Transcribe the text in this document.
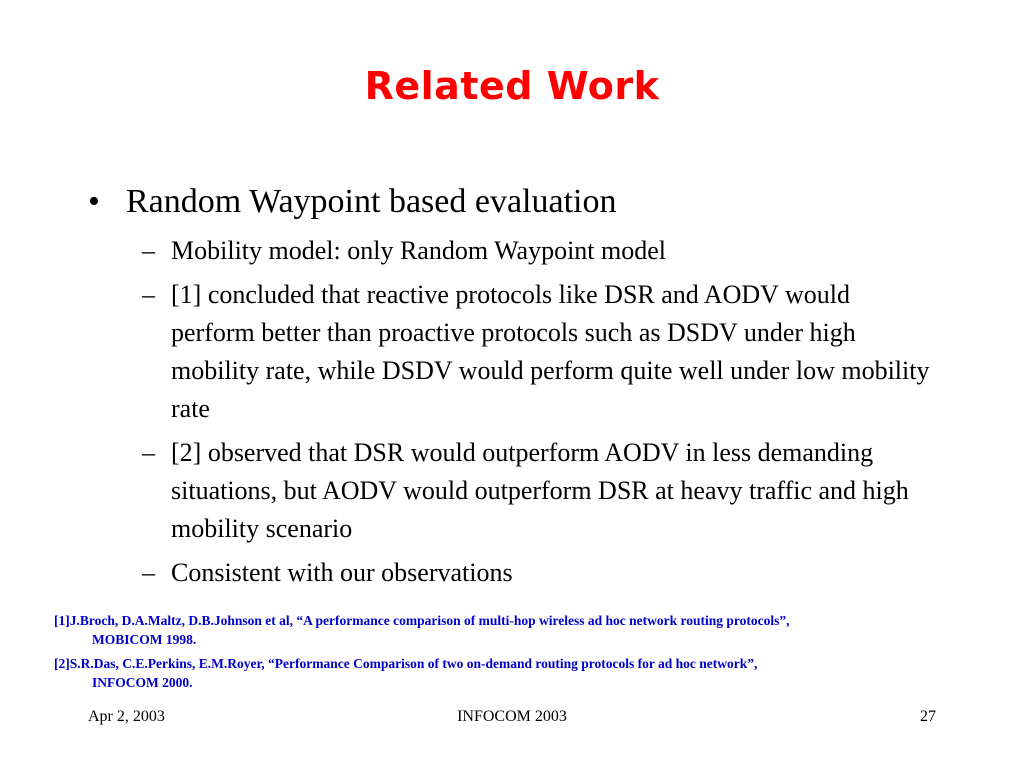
Related Work
• Random Waypoint based evaluation
– Mobility model: only Random Waypoint model
– [1] concluded that reactive protocols like DSR and AODV would perform better than proactive protocols such as DSDV under high mobility rate, while DSDV would perform quite well under low mobility rate
– [2] observed that DSR would outperform AODV in less demanding situations, but AODV would outperform DSR at heavy traffic and high mobility scenario
– Consistent with our observations
[1]J.Broch, D.A.Maltz, D.B.Johnson et al, “A performance comparison of multi-hop wireless ad hoc network routing protocols”,
MOBICOM 1998.
[2]S.R.Das, C.E.Perkins, E.M.Royer, “Performance Comparison of two on-demand routing protocols for ad hoc network”,
INFOCOM 2000.
Apr 2, 2003	INFOCOM 2003	27
